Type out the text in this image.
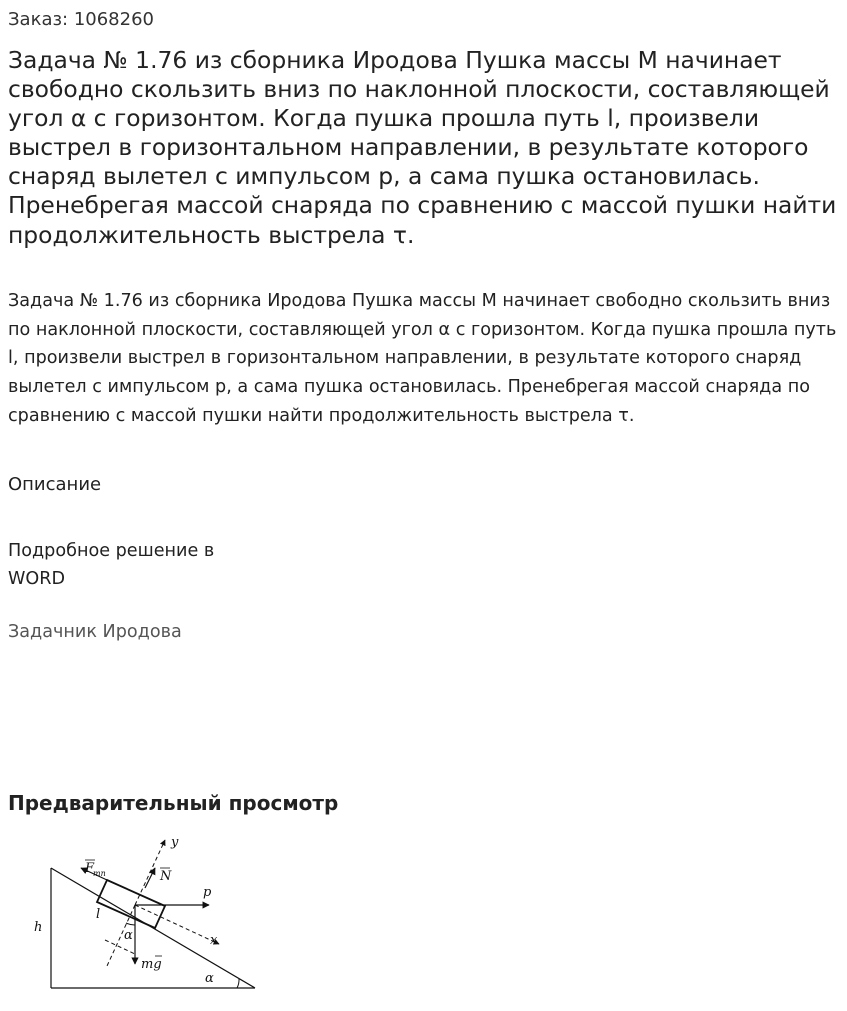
Заказ: 1068260
Задача № 1.76 из сборника Иродова Пушка массы M начинает свободно скользить вниз по наклонной плоскости, составляющей угол α с горизонтом. Когда пушка прошла путь l, произвели выстрел в горизонтальном направлении, в результате которого снаряд вылетел с импульсом p, а сама пушка остановилась. Пренебрегая массой снаряда по сравнению с массой пушки найти продолжительность выстрела τ.
Задача № 1.76 из сборника Иродова Пушка массы M начинает свободно скользить вниз по наклонной плоскости, составляющей угол α с горизонтом. Когда пушка прошла путь l, произвели выстрел в горизонтальном направлении, в результате которого снаряд вылетел с импульсом p, а сама пушка остановилась. Пренебрегая массой снаряда по сравнению с массой пушки найти продолжительность выстрела τ.
Описание
Подробное решение в WORD
Задачник Иродова
Предварительный просмотр
y
F
тп	N
p
l
h
x
α
mg
α
